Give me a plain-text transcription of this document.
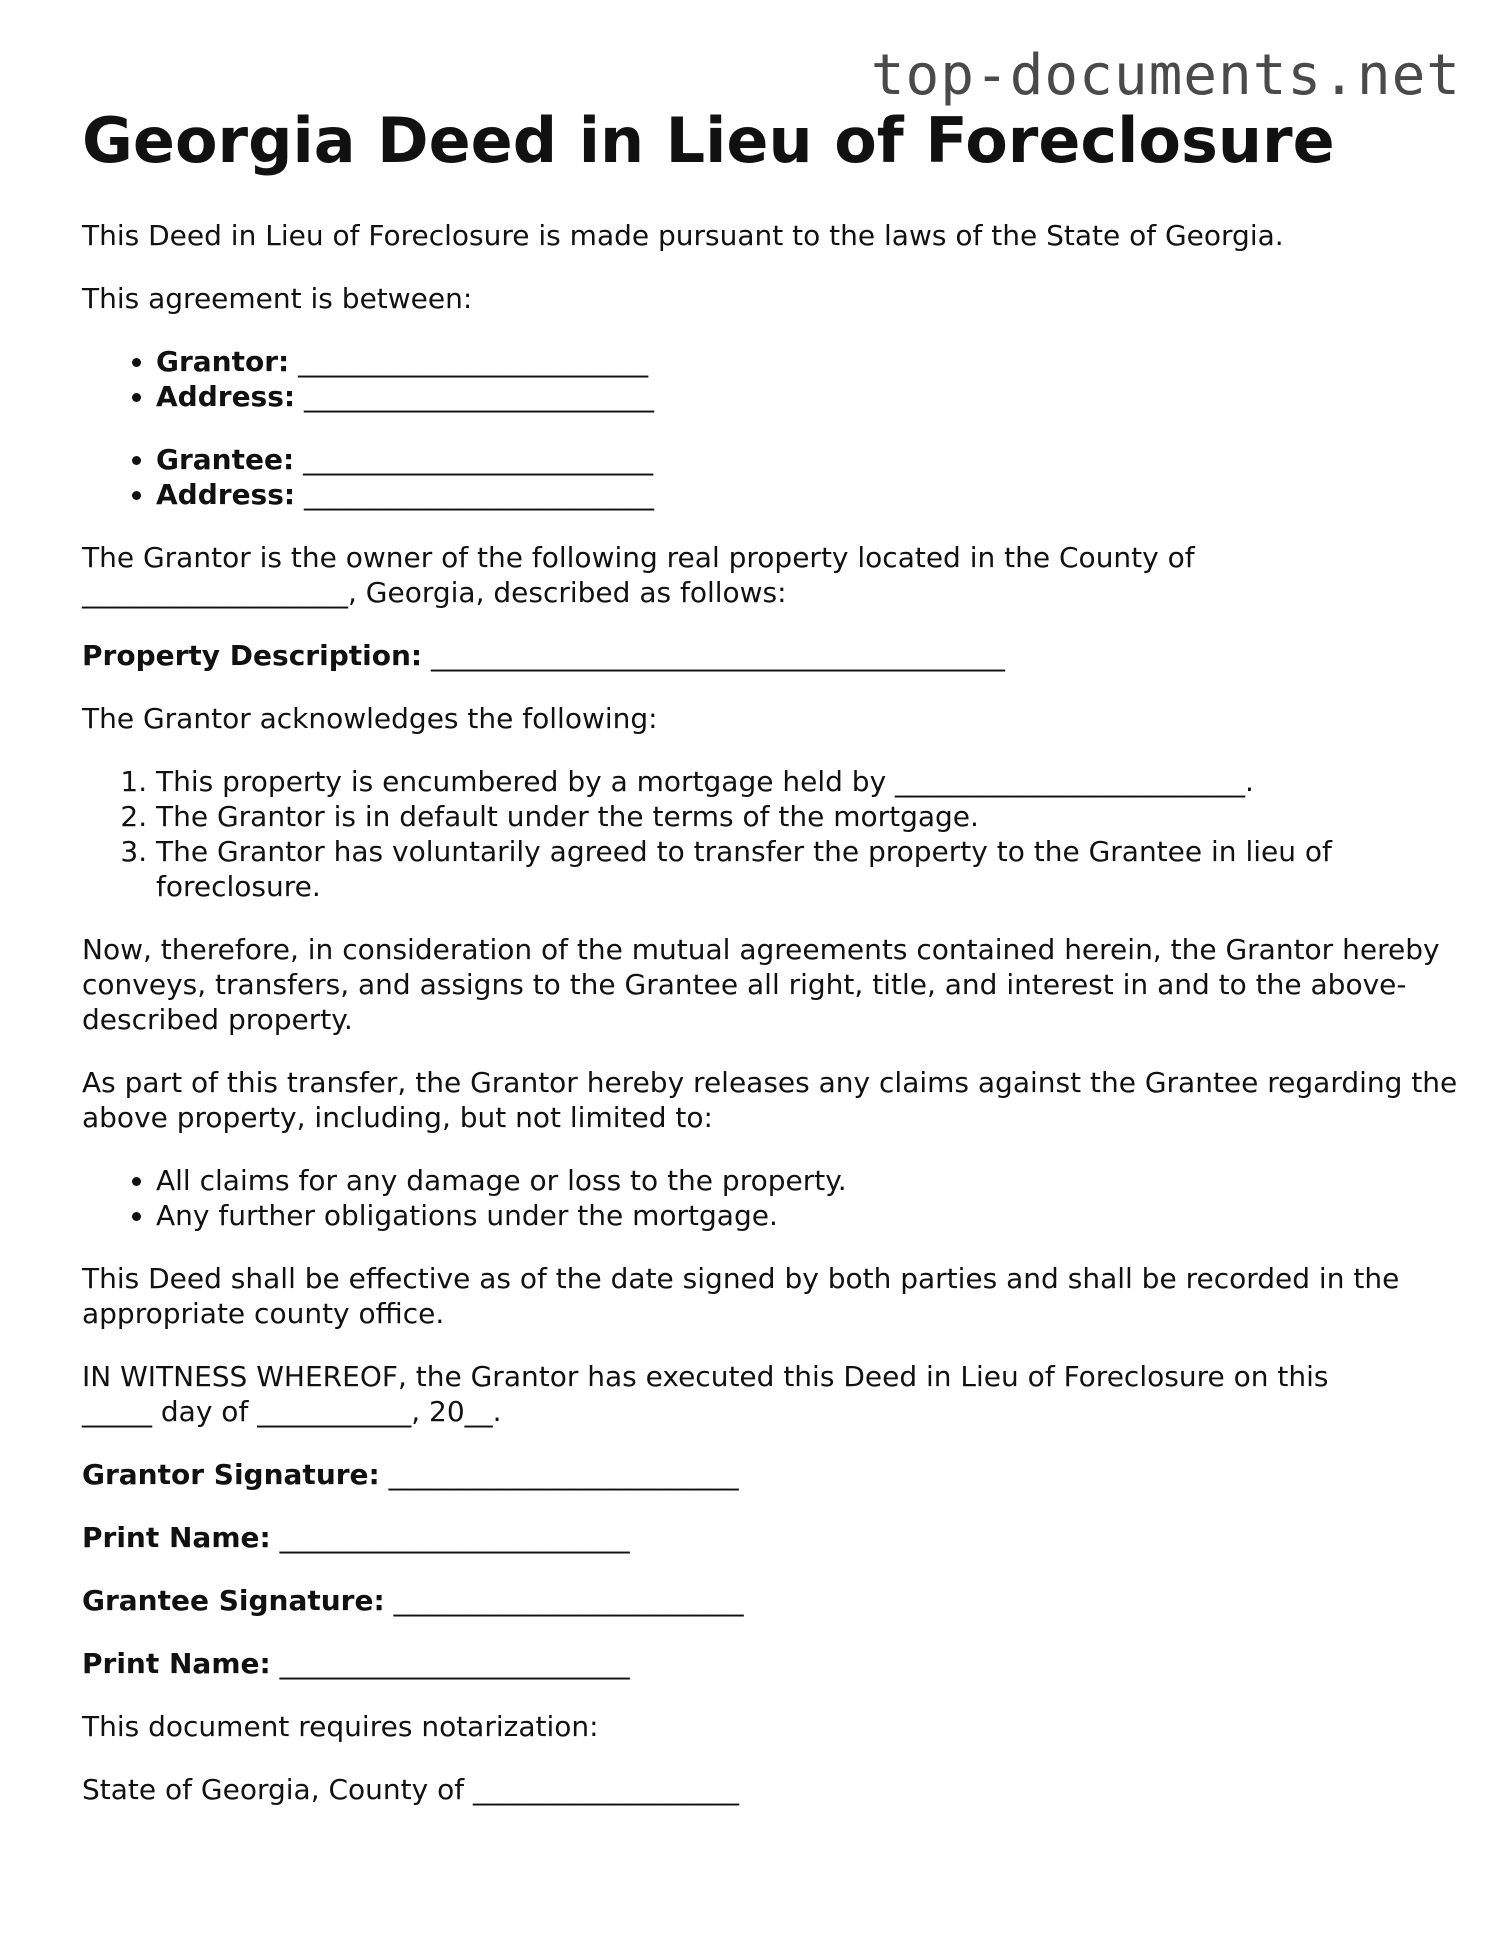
top-documents.net
Georgia Deed in Lieu of Foreclosure

This Deed in Lieu of Foreclosure is made pursuant to the laws of the State of Georgia.

This agreement is between:

• Grantor: _________________________
• Address: _________________________
• Grantee: _________________________
• Address: _________________________

The Grantor is the owner of the following real property located in the County of
___________________, Georgia, described as follows:

Property Description: _________________________________________

The Grantor acknowledges the following:

1. This property is encumbered by a mortgage held by _________________________.
2. The Grantor is in default under the terms of the mortgage.
3. The Grantor has voluntarily agreed to transfer the property to the Grantee in lieu of foreclosure.

Now, therefore, in consideration of the mutual agreements contained herein, the Grantor hereby conveys, transfers, and assigns to the Grantee all right, title, and interest in and to the above-described property.

As part of this transfer, the Grantor hereby releases any claims against the Grantee regarding the above property, including, but not limited to:

• All claims for any damage or loss to the property.
• Any further obligations under the mortgage.

This Deed shall be effective as of the date signed by both parties and shall be recorded in the appropriate county office.

IN WITNESS WHEREOF, the Grantor has executed this Deed in Lieu of Foreclosure on this
_____ day of ___________, 20__.

Grantor Signature: _________________________

Print Name: _________________________

Grantee Signature: _________________________

Print Name: _________________________

This document requires notarization:

State of Georgia, County of ___________________
